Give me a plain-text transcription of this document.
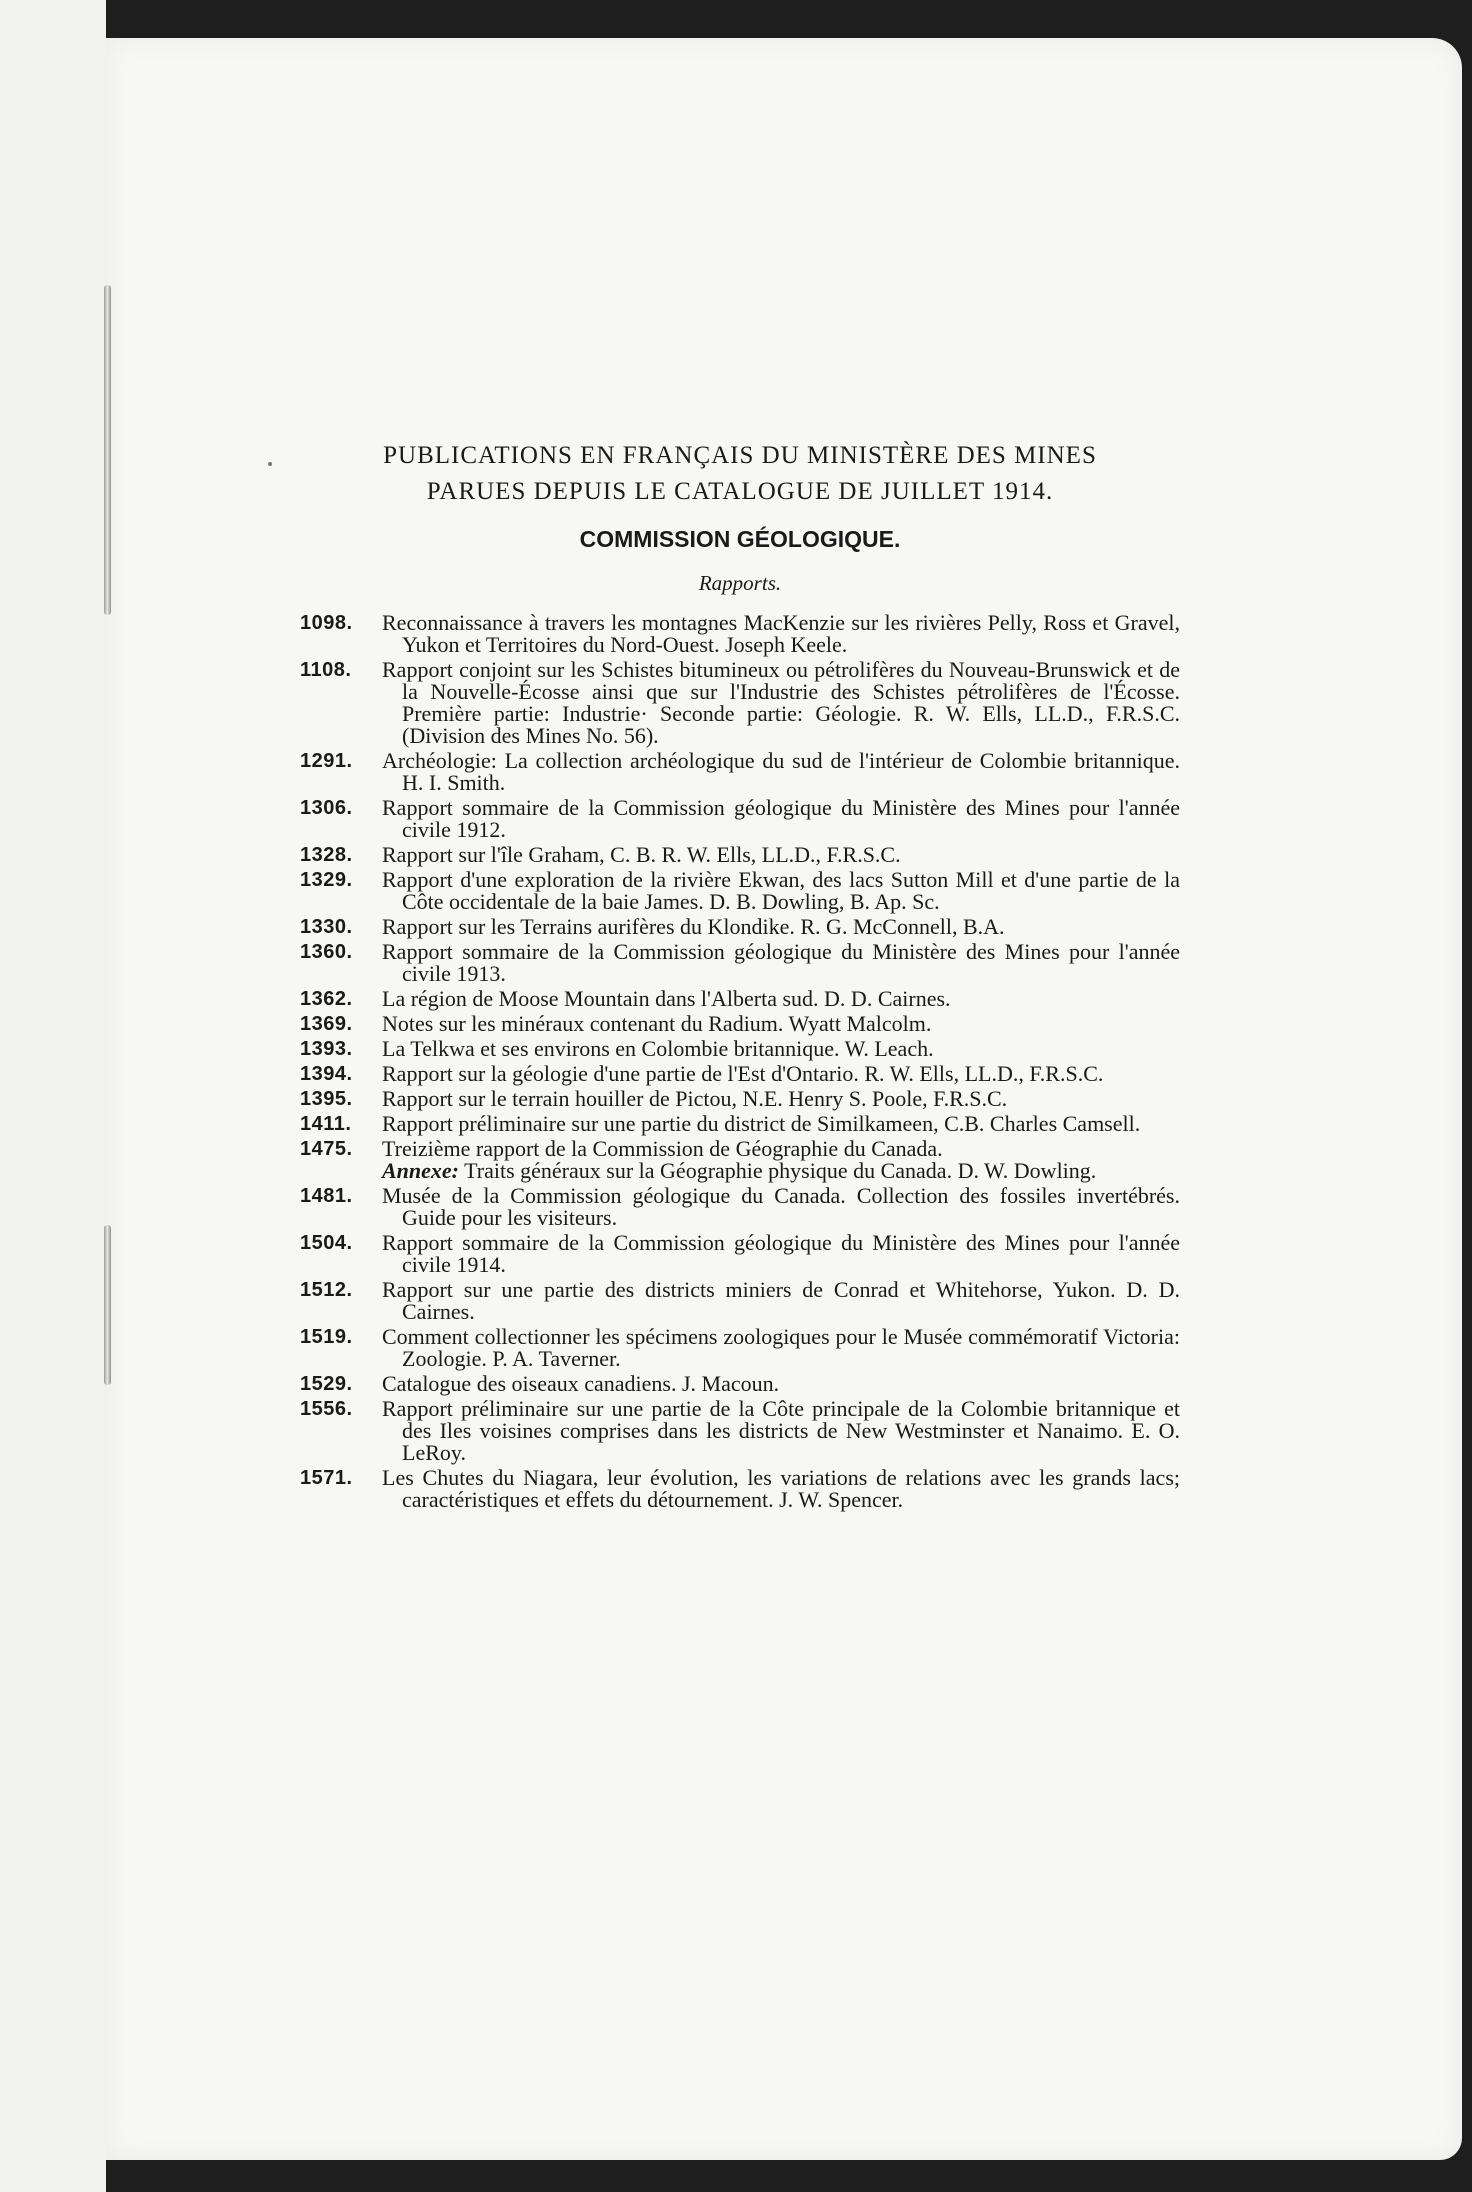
PUBLICATIONS EN FRANÇAIS DU MINISTÈRE DES MINES

PARUES DEPUIS LE CATALOGUE DE JUILLET 1914.

COMMISSION GÉOLOGIQUE.

Rapports.

1098.	Reconnaissance à travers les montagnes MacKenzie sur les rivières Pelly, Ross et Gravel, Yukon et Territoires du Nord-Ouest. Joseph Keele.
1108.	Rapport conjoint sur les Schistes bitumineux ou pétrolifères du Nouveau-Brunswick et de la Nouvelle-Écosse ainsi que sur l'Industrie des Schistes pétrolifères de l'Écosse. Première partie: Industrie· Seconde partie: Géologie. R. W. Ells, LL.D., F.R.S.C. (Division des Mines No. 56).
1291.	Archéologie: La collection archéologique du sud de l'intérieur de Colombie britannique. H. I. Smith.
1306.	Rapport sommaire de la Commission géologique du Ministère des Mines pour l'année civile 1912.
1328.	Rapport sur l'île Graham, C. B. R. W. Ells, LL.D., F.R.S.C.
1329.	Rapport d'une exploration de la rivière Ekwan, des lacs Sutton Mill et d'une partie de la Côte occidentale de la baie James. D. B. Dowling, B. Ap. Sc.
1330.	Rapport sur les Terrains aurifères du Klondike. R. G. McConnell, B.A.
1360.	Rapport sommaire de la Commission géologique du Ministère des Mines pour l'année civile 1913.
1362.	La région de Moose Mountain dans l'Alberta sud. D. D. Cairnes.
1369.	Notes sur les minéraux contenant du Radium. Wyatt Malcolm.
1393.	La Telkwa et ses environs en Colombie britannique. W. Leach.
1394.	Rapport sur la géologie d'une partie de l'Est d'Ontario. R. W. Ells, LL.D., F.R.S.C.
1395.	Rapport sur le terrain houiller de Pictou, N.E. Henry S. Poole, F.R.S.C.
1411.	Rapport préliminaire sur une partie du district de Similkameen, C.B. Charles Camsell.
1475.	Treizième rapport de la Commission de Géographie du Canada.
Annexe: Traits généraux sur la Géographie physique du Canada. D. W. Dowling.
1481.	Musée de la Commission géologique du Canada. Collection des fossiles invertébrés. Guide pour les visiteurs.
1504.	Rapport sommaire de la Commission géologique du Ministère des Mines pour l'année civile 1914.
1512.	Rapport sur une partie des districts miniers de Conrad et Whitehorse, Yukon. D. D. Cairnes.
1519.	Comment collectionner les spécimens zoologiques pour le Musée commémoratif Victoria: Zoologie. P. A. Taverner.
1529.	Catalogue des oiseaux canadiens. J. Macoun.
1556.	Rapport préliminaire sur une partie de la Côte principale de la Colombie britannique et des Iles voisines comprises dans les districts de New Westminster et Nanaimo. E. O. LeRoy.
1571.	Les Chutes du Niagara, leur évolution, les variations de relations avec les grands lacs; caractéristiques et effets du détournement. J. W. Spencer.
